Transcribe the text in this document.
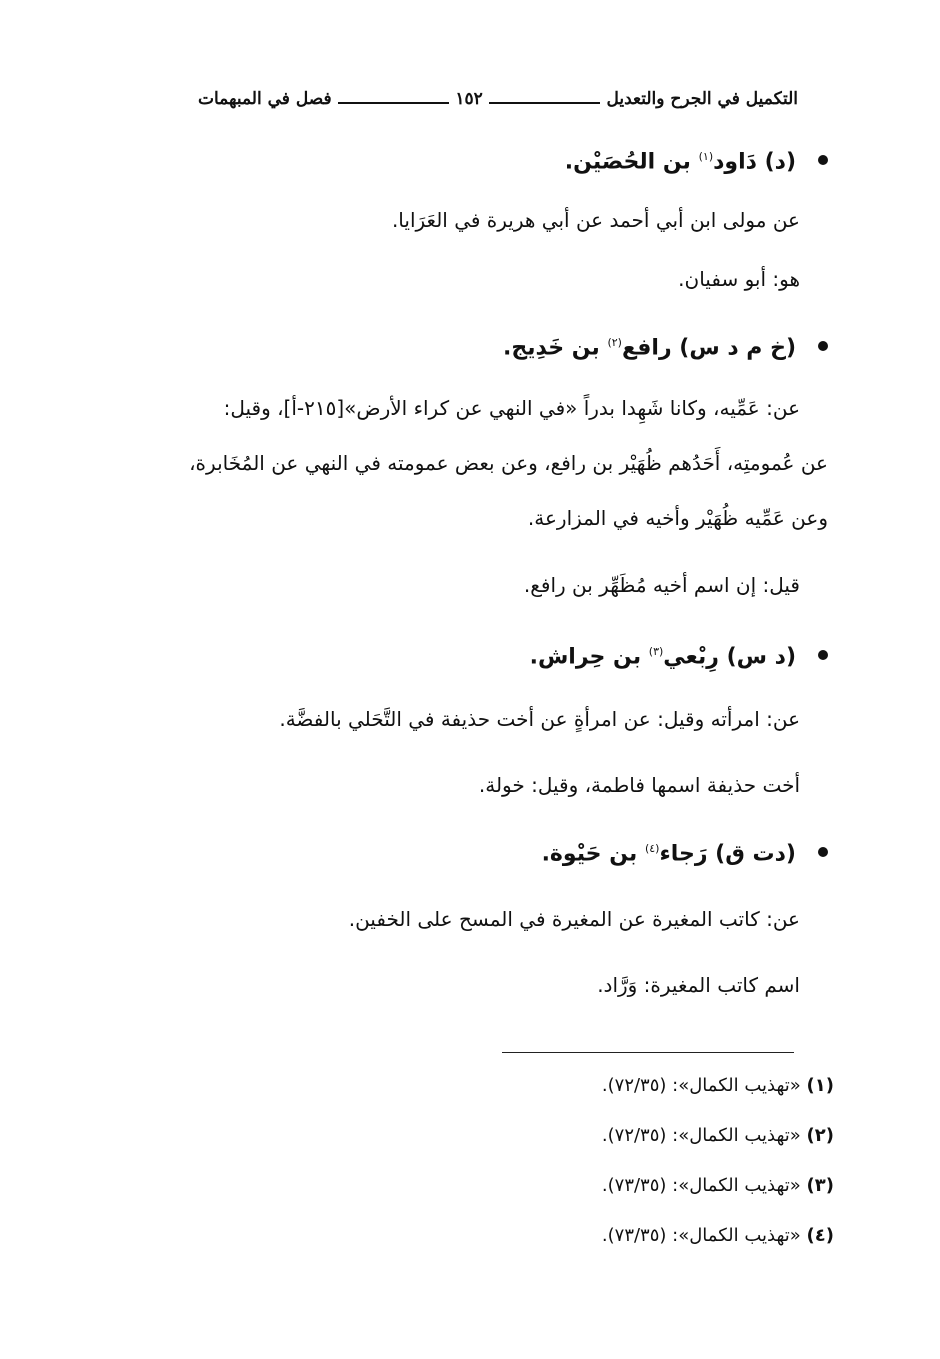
التكميل في الجرح والتعديل
١٥٢
فصل في المبهمات
(د) دَاود$^{(١)}$ بن الحُصَيْن.
عن مولى ابن أبي أحمد عن أبي هريرة في العَرَايا.
هو: أبو سفيان.
(خ م د س) رافع$^{(٢)}$ بن خَدِيج.
عن: عَمِّيه، وكانا شَهِدا بدراً «في النهي عن كراء الأرض»[٢١٥-أ]، وقيل:
عن عُمومتِه، أَحَدُهم ظُهَيْر بن رافع، وعن بعض عمومته في النهي عن المُخَابرة،
وعن عَمِّيه ظُهَيْر وأخيه في المزارعة.
قيل: إن اسم أخيه مُظَهِّر بن رافع.
(د س) رِبْعي$^{(٣)}$ بن حِراش.
عن: امرأته وقيل: عن امرأةٍ عن أخت حذيفة في التَّحَلي بالفضَّة.
أخت حذيفة اسمها فاطمة، وقيل: خولة.
(دت ق) رَجاء$^{(٤)}$ بن حَيْوة.
عن: كاتب المغيرة عن المغيرة في المسح على الخفين.
اسم كاتب المغيرة: وَرَّاد.
(١) «تهذيب الكمال»: (٧٢/٣٥).
(٢) «تهذيب الكمال»: (٧٢/٣٥).
(٣) «تهذيب الكمال»: (٧٣/٣٥).
(٤) «تهذيب الكمال»: (٧٣/٣٥).
